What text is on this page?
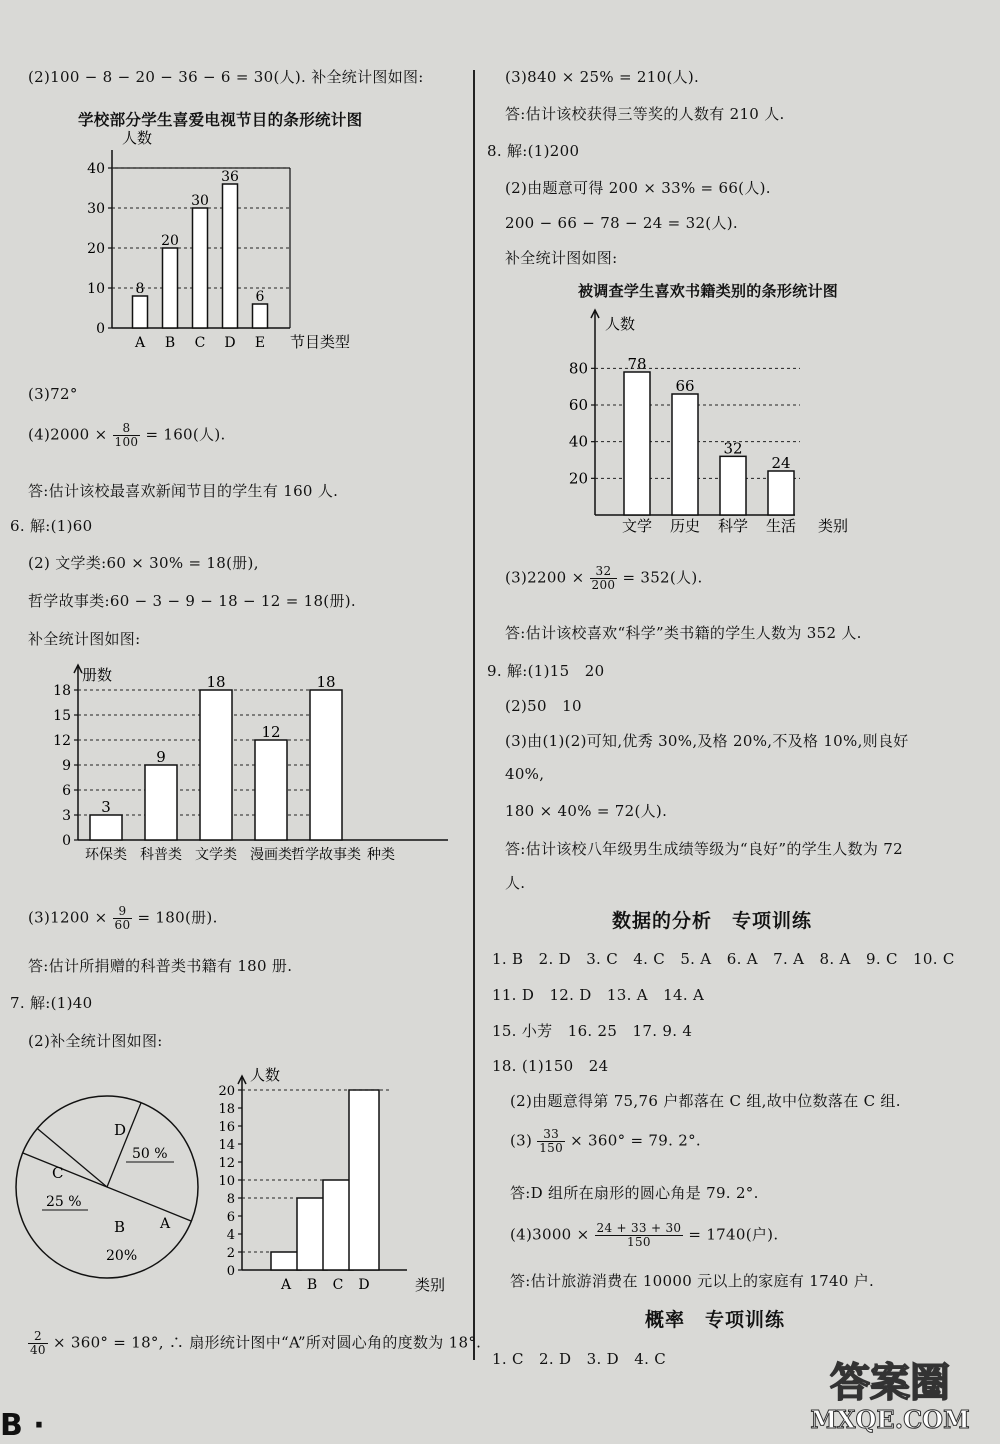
(2)100 − 8 − 20 − 36 − 6 = 30(人). 补全统计图如图:
学校部分学生喜爱电视节目的条形统计图
0
10
20
30
40
A
8
B
20
C
30
D
36
E
6
人数
节目类型
(3)72°
$(4)2000 \times \frac{8}{100} = 160$(人).
答:估计该校最喜欢新闻节目的学生有 160 人.
6. 解:(1)60
(2) 文学类:60 × 30% = 18(册),
哲学故事类:60 − 3 − 9 − 18 − 12 = 18(册).
补全统计图如图:
0
3
6
9
12
15
18
环保类
3
科普类
9
文学类
18
漫画类
12
哲学故事类
18
种类
册数
$(3)1200 \times \frac{9}{60} = 180$(册).
答:估计所捐赠的科普类书籍有 180 册.
7. 解:(1)40
(2)补全统计图如图:
D
50 %
C
25 %
B
20%
A
0
2
4
6
8
10
12
14
16
18
20
A B C D
人数
类别
$\frac{2}{40} \times 360^\circ = 18^\circ$, ∴ 扇形统计图中“A”所对圆心角的度数为 18°.
(3)840 × 25% = 210(人).
答:估计该校获得三等奖的人数有 210 人.
8. 解:(1)200
(2)由题意可得 200 × 33% = 66(人).
200 − 66 − 78 − 24 = 32(人).
补全统计图如图:
被调查学生喜欢书籍类别的条形统计图
20
40
60
80
文学
78
历史
66
科学
32
生活
24
人数
类别
$(3)2200 \times \frac{32}{200} = 352$(人).
答:估计该校喜欢“科学”类书籍的学生人数为 352 人.
9. 解:(1)15　20
(2)50　10
(3)由(1)(2)可知,优秀 30%,及格 20%,不及格 10%,则良好
40%,
180 × 40% = 72(人).
答:估计该校八年级男生成绩等级为“良好”的学生人数为 72
人.
数据的分析　专项训练
1. B　2. D　3. C　4. C　5. A　6. A　7. A　8. A　9. C　10. C
11. D　12. D　13. A　14. A
15. 小芳　16. 25　17. 9. 4
18. (1)150　24
(2)由题意得第 75,76 户都落在 C 组,故中位数落在 C 组.
$(3) \frac{33}{150} \times 360^\circ = 79$. 2°.
答:D 组所在扇形的圆心角是 79. 2°.
$(4)3000 \times \frac{24 + 33 + 30}{150} = 1740$(户).
答:估计旅游消费在 10000 元以上的家庭有 1740 户.
概率　专项训练
1. C　2. D　3. D　4. C
B ·
答案圈
MXQE.COM
